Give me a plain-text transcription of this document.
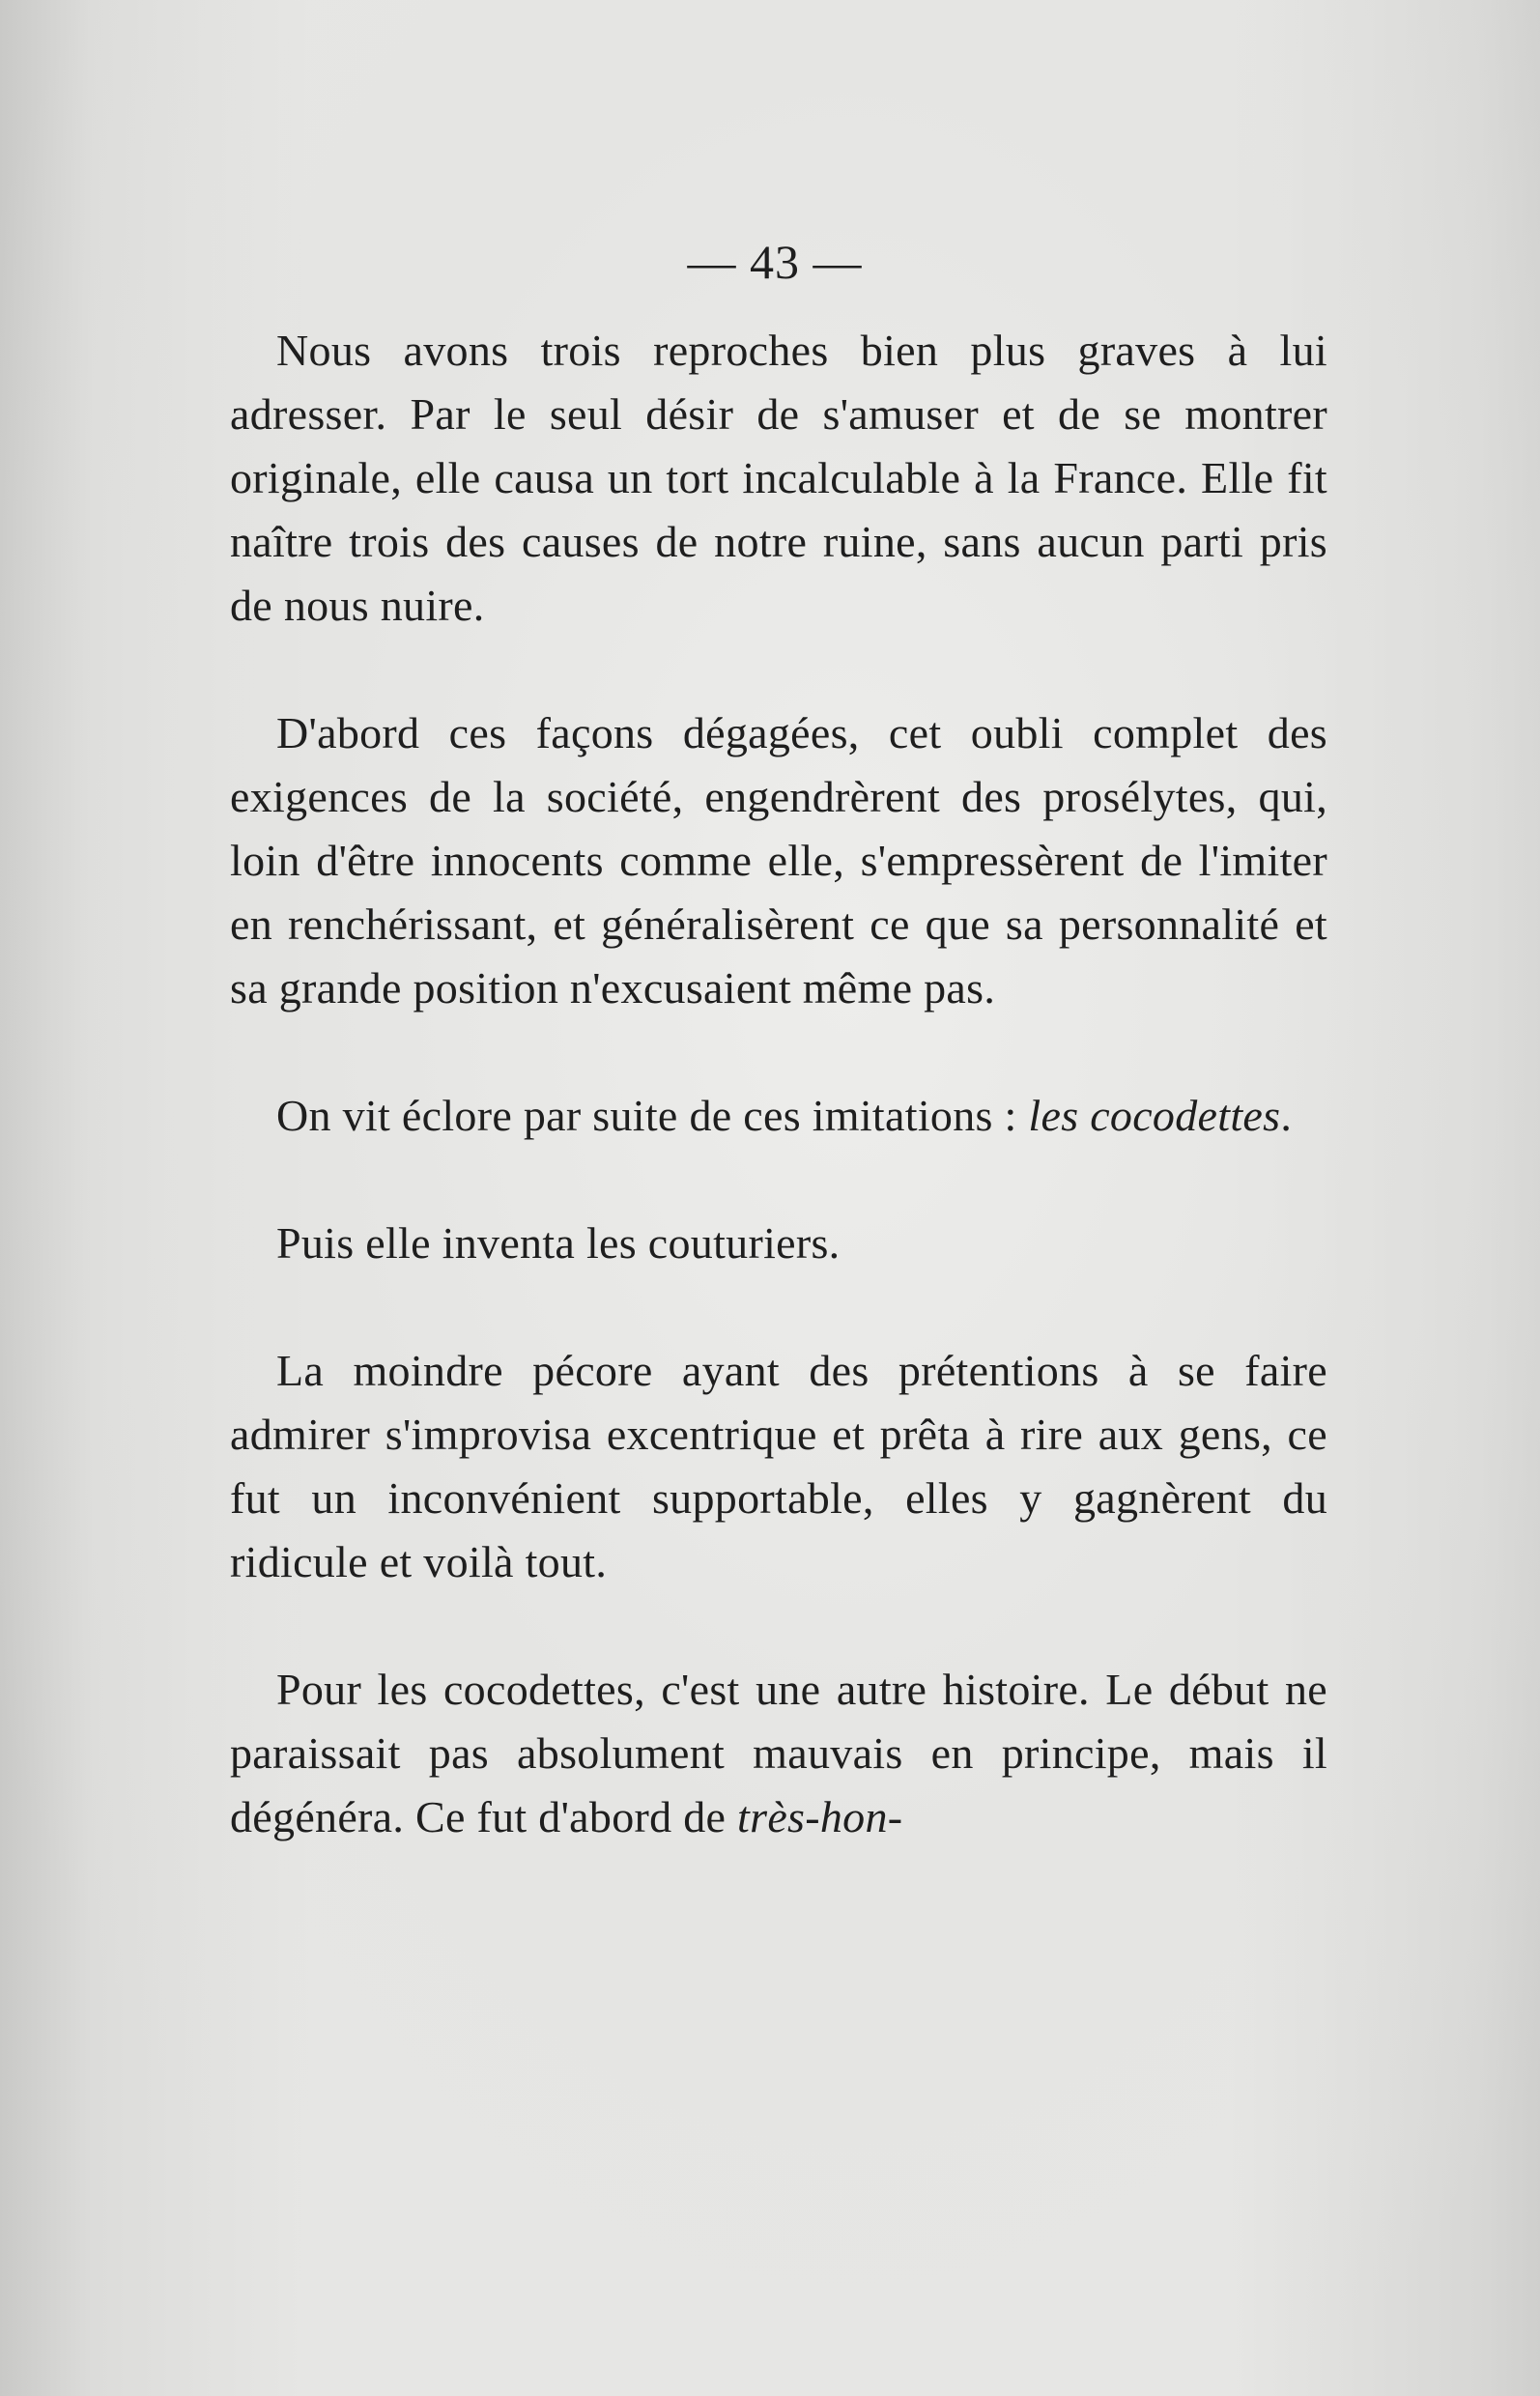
— 43 —

Nous avons trois reproches bien plus graves à lui adresser. Par le seul désir de s'amuser et de se montrer originale, elle causa un tort incalculable à la France. Elle fit naître trois des causes de notre ruine, sans aucun parti pris de nous nuire.

D'abord ces façons dégagées, cet oubli complet des exigences de la société, engendrèrent des prosélytes, qui, loin d'être innocents comme elle, s'empressèrent de l'imiter en renchérissant, et généralisèrent ce que sa personnalité et sa grande position n'excusaient même pas.

On vit éclore par suite de ces imitations : les cocodettes.

Puis elle inventa les couturiers.

La moindre pécore ayant des prétentions à se faire admirer s'improvisa excentrique et prêta à rire aux gens, ce fut un inconvénient supportable, elles y gagnèrent du ridicule et voilà tout.

Pour les cocodettes, c'est une autre histoire. Le début ne paraissait pas absolument mauvais en principe, mais il dégénéra. Ce fut d'abord de très-hon-
